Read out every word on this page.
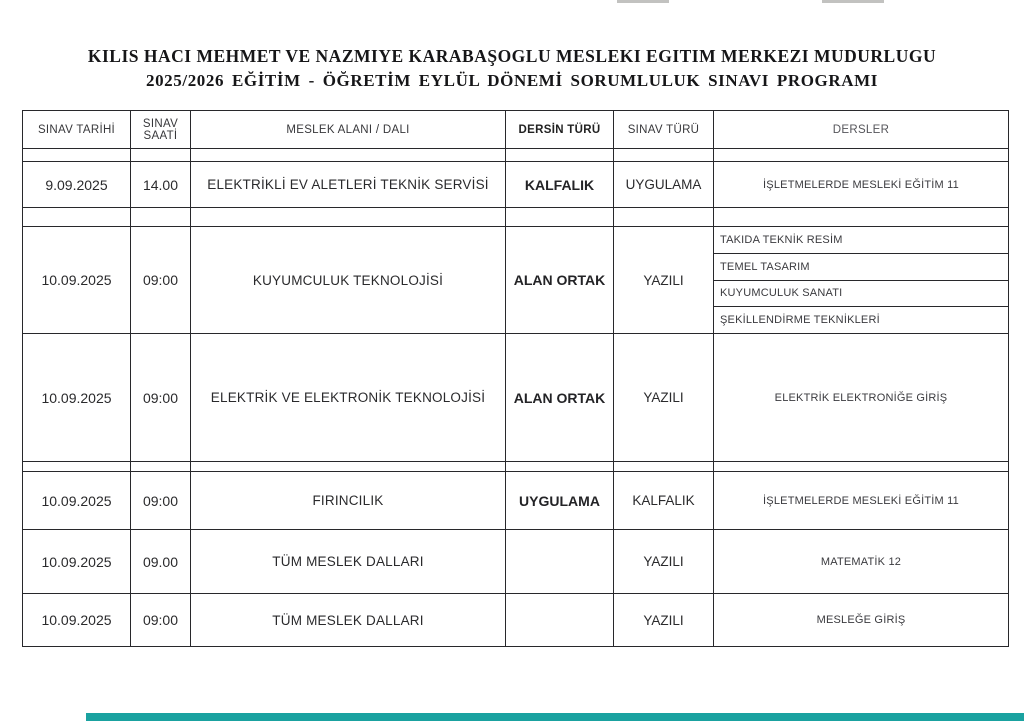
KILIS HACI MEHMET VE NAZMIYE KARABAŞOGLU MESLEKI EGITIM MERKEZI MUDURLUGU
2025/2026 EĞİTİM - ÖĞRETİM EYLÜL DÖNEMİ SORUMLULUK SINAVI PROGRAMI
SINAV TARİHİ	SINAV SAATİ	MESLEK ALANI / DALI	DERSİN TÜRÜ	SINAV TÜRÜ	DERSLER

9.09.2025	14.00	ELEKTRİKLİ EV ALETLERİ TEKNİK SERVİSİ	KALFALIK	UYGULAMA	İŞLETMELERDE MESLEKİ EĞİTİM 11

10.09.2025	09:00	KUYUMCULUK TEKNOLOJİSİ	ALAN ORTAK	YAZILI	TAKIDA TEKNİK RESİM
TEMEL TASARIM
KUYUMCULUK SANATI
ŞEKİLLENDİRME TEKNİKLERİ

10.09.2025	09:00	ELEKTRİK VE ELEKTRONİK TEKNOLOJİSİ	ALAN ORTAK	YAZILI	ELEKTRİK ELEKTRONİĞE GİRİŞ

10.09.2025	09:00	FIRINCILIK	UYGULAMA	KALFALIK	İŞLETMELERDE MESLEKİ EĞİTİM 11
10.09.2025	09.00	TÜM MESLEK DALLARI		YAZILI	MATEMATİK 12
10.09.2025	09:00	TÜM MESLEK DALLARI		YAZILI	MESLEĞE GİRİŞ
